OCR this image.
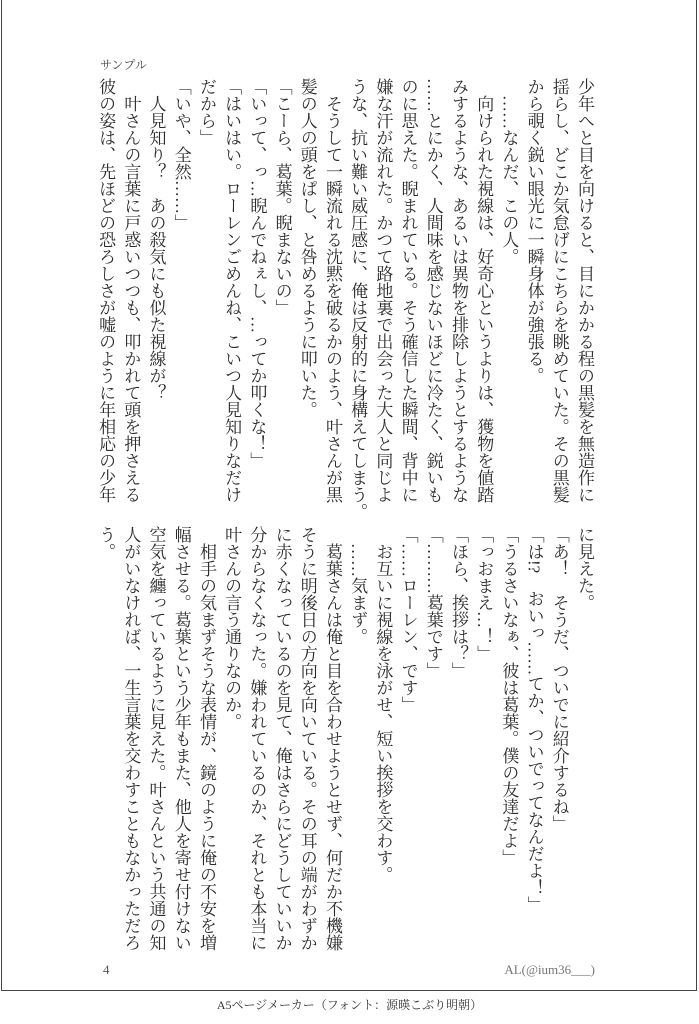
サンプル
少年へと目を向けると、目にかかる程の黒髪を無造作に
揺らし、どこか気怠げにこちらを眺めていた。その黒髪
から覗く鋭い眼光に一瞬身体が強張る。
　……なんだ、この人。
　向けられた視線は、好奇心というよりは、獲物を値踏
みするような、あるいは異物を排除しようとするような
……とにかく、人間味を感じないほどに冷たく、鋭いも
のに思えた。睨まれている。そう確信した瞬間、背中に
嫌な汗が流れた。かつて路地裏で出会った大人と同じよ
うな、抗い難い威圧感に、俺は反射的に身構えてしまう。
　そうして一瞬流れる沈黙を破るかのよう、叶さんが黒
髪の人の頭をぱし、と咎めるように叩いた。
「こーら、葛葉。睨まないの」
「いって、っ…睨んでねぇし、…ってか叩くな！」
「はいはい。ローレンごめんね、こいつ人見知りなだけ
だから」
「いや、全然……」
　人見知り？　あの殺気にも似た視線が？
　叶さんの言葉に戸惑いつつも、叩かれて頭を押さえる
彼の姿は、先ほどの恐ろしさが嘘のように年相応の少年
に見えた。
「あ！　そうだ、ついでに紹介するね」
「は!?　おいっ……てか、ついでってなんだよ！」
「うるさいなぁ、彼は葛葉。僕の友達だよ」
「っおまえ…！」
「ほら、挨拶は？」
「………葛葉です」
「……ローレン、です」
　お互いに視線を泳がせ、短い挨拶を交わす。
　……気まず。
　葛葉さんは俺と目を合わせようとせず、何だか不機嫌
そうに明後日の方向を向いている。その耳の端がわずか
に赤くなっているのを見て、俺はさらにどうしていいか
分からなくなった。嫌われているのか、それとも本当に
叶さんの言う通りなのか。
　相手の気まずそうな表情が、鏡のように俺の不安を増
幅させる。葛葉という少年もまた、他人を寄せ付けない
空気を纏っているように見えた。叶さんという共通の知
人がいなければ、一生言葉を交わすこともなかっただろ
う。
4	AL(@ium36___)
A5ページメーカー（フォント：源暎こぶり明朝）
